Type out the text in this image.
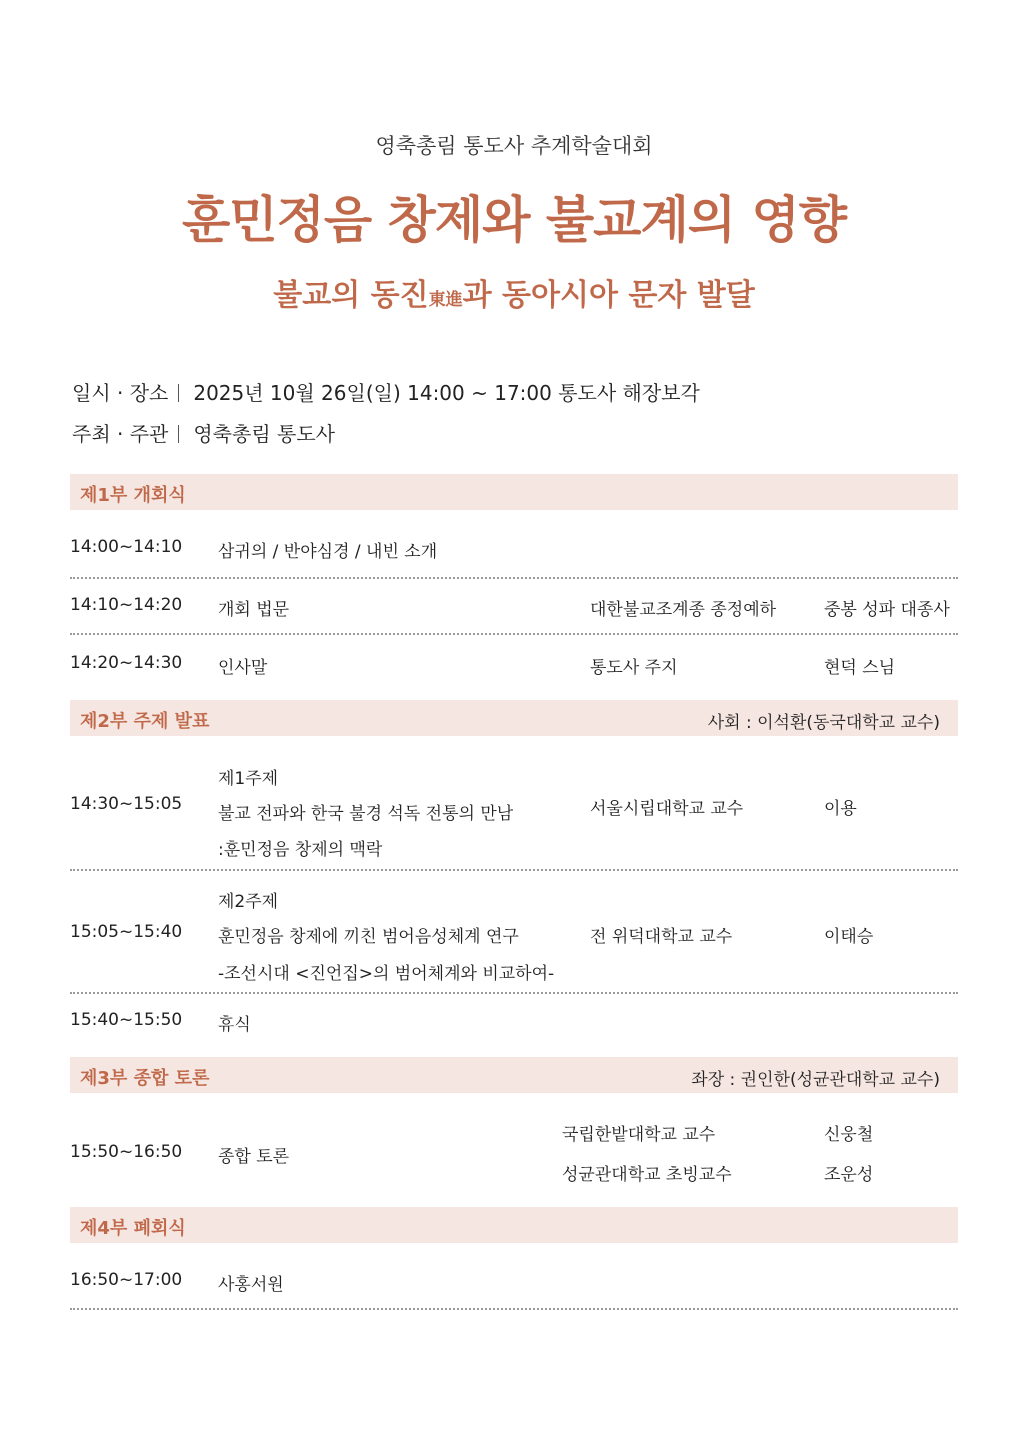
영축총림 통도사 추계학술대회
훈민정음 창제와 불교계의 영향
불교의 동진東進과 동아시아 문자 발달
일시 · 장소 2025년 10월 26일(일) 14:00 ~ 17:00 통도사 해장보각
주최 · 주관 영축총림 통도사
제1부 개회식
14:00~14:10 삼귀의 / 반야심경 / 내빈 소개
14:10~14:20 개회 법문	대한불교조계종 종정예하	중봉 성파 대종사
14:20~14:30 인사말	통도사 주지	현덕 스님
제2부 주제 발표	사회 : 이석환(동국대학교 교수)
제1주제
14:30~15:05 불교 전파와 한국 불경 석독 전통의 만남	서울시립대학교 교수	이용
:훈민정음 창제의 맥락
제2주제
15:05~15:40 훈민정음 창제에 끼친 범어음성체계 연구	전 위덕대학교 교수	이태승
-조선시대 <진언집>의 범어체계와 비교하여-
15:40~15:50 휴식
제3부 종합 토론	좌장 : 권인한(성균관대학교 교수)
국립한밭대학교 교수	신웅철
15:50~16:50 종합 토론
성균관대학교 초빙교수	조운성
제4부 폐회식
16:50~17:00 사홍서원
